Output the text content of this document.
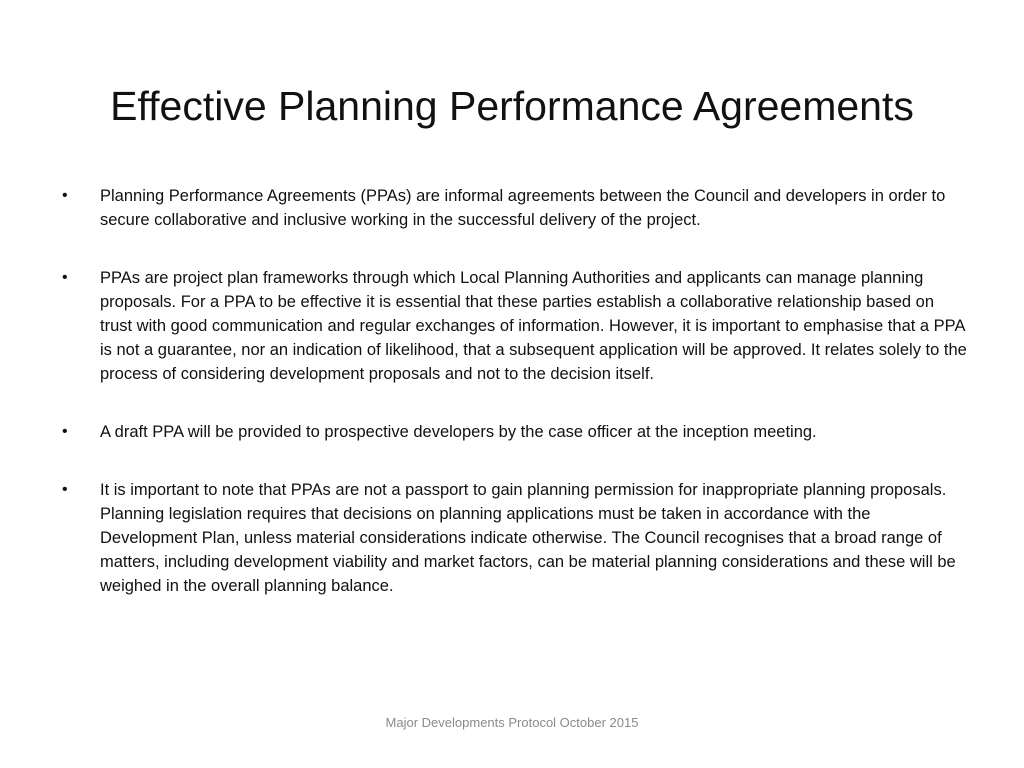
Effective Planning Performance Agreements
•	Planning Performance Agreements (PPAs) are informal agreements between the Council and developers in order to secure collaborative and inclusive working in the successful delivery of the project.
•	PPAs are project plan frameworks through which Local Planning Authorities and applicants can manage planning proposals. For a PPA to be effective it is essential that these parties establish a collaborative relationship based on trust with good communication and regular exchanges of information. However, it is important to emphasise that a PPA is not a guarantee, nor an indication of likelihood, that a subsequent application will be approved. It relates solely to the process of considering development proposals and not to the decision itself.
•	A draft PPA will be provided to prospective developers by the case officer at the inception meeting.
•	It is important to note that PPAs are not a passport to gain planning permission for inappropriate planning proposals. Planning legislation requires that decisions on planning applications must be taken in accordance with the Development Plan, unless material considerations indicate otherwise. The Council recognises that a broad range of matters, including development viability and market factors, can be material planning considerations and these will be weighed in the overall planning balance.
Major Developments Protocol October 2015
